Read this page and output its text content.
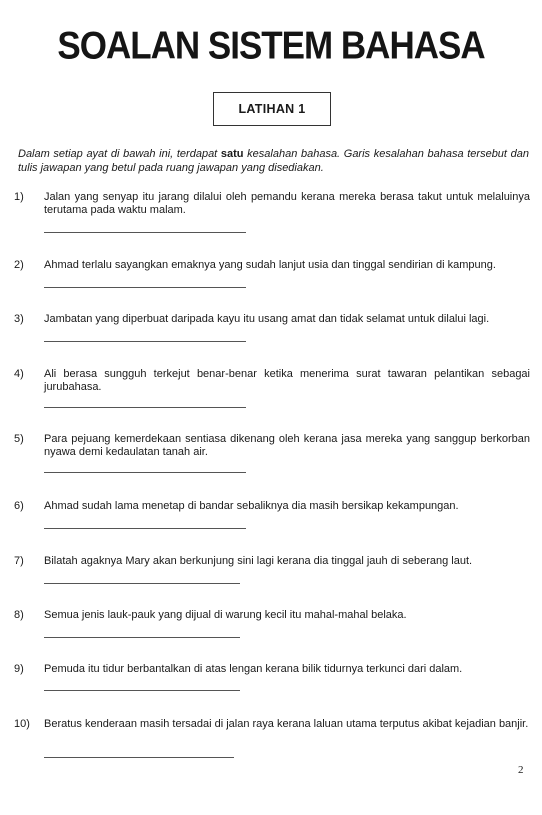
SOALAN SISTEM BAHASA
LATIHAN 1

Dalam setiap ayat di bawah ini, terdapat satu kesalahan bahasa. Garis kesalahan bahasa tersebut dan tulis jawapan yang betul pada ruang jawapan yang disediakan.

1)	Jalan yang senyap itu jarang dilalui oleh pemandu kerana mereka berasa takut untuk melaluinya terutama pada waktu malam.
2)	Ahmad terlalu sayangkan emaknya yang sudah lanjut usia dan tinggal sendirian di kampung.
3)	Jambatan yang diperbuat daripada kayu itu usang amat dan tidak selamat untuk dilalui lagi.
4)	Ali berasa sungguh terkejut benar-benar ketika menerima surat tawaran pelantikan sebagai jurubahasa.
5)	Para pejuang kemerdekaan sentiasa dikenang oleh kerana jasa mereka yang sanggup berkorban nyawa demi kedaulatan tanah air.
6)	Ahmad sudah lama menetap di bandar sebaliknya dia masih bersikap kekampungan.
7)	Bilatah agaknya Mary akan berkunjung sini lagi kerana dia tinggal jauh di seberang laut.
8)	Semua jenis lauk-pauk yang dijual di warung kecil itu mahal-mahal belaka.
9)	Pemuda itu tidur berbantalkan di atas lengan kerana bilik tidurnya terkunci dari dalam.
10)	Beratus kenderaan masih tersadai di jalan raya kerana laluan utama terputus akibat kejadian banjir.
2
